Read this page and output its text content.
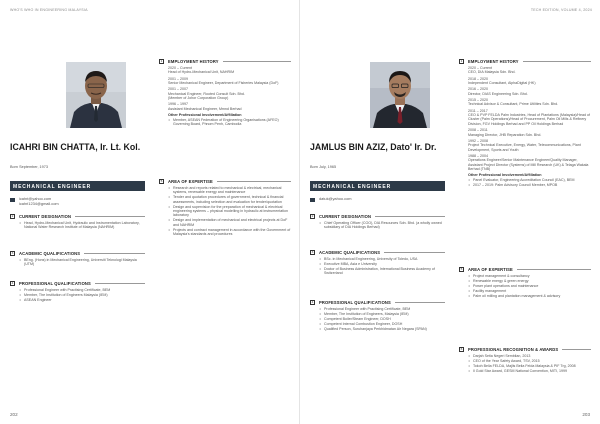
WHO'S WHO IN ENGINEERING MALAYSIA
ICAHRI BIN CHATTA, Ir. Lt. Kol.
Born September, 1973
MECHANICAL ENGINEER
icahri@yahoo.com
icahri1234@gmail.com
2	CURRENT DESIGNATION
• Head, Hydro-Mechanical Unit, Hydraulic and Instrumentation Laboratory, National Water Research Institute of Malaysia (NAHRIM)
3	ACADEMIC QUALIFICATIONS
• BEng. (Hons) in Mechanical Engineering, Universiti Teknologi Malaysia (UTM)
4	PROFESSIONAL QUALIFICATIONS
• Professional Engineer with Practising Certificate, BEM
• Member, The Institution of Engineers Malaysia (IEM)
• ASEAN Engineer
1	EMPLOYMENT HISTORY
2020 – Current
Head of Hydro-Mechanical Unit, NAHRIM
2001 – 2009
Senior Mechanical Engineer, Department of Fisheries Malaysia (DoF)
2001 – 2007
Mechanical Engineer, Rooted Consult Sdn. Bhd.
(Member of Johor Corporation Group)
1996 – 1997
Assistant Mechanical Engineer, Mmnd Berhad
Other Professional Involvement/Affiliation
• Member, ASEAN Federation of Engineering Organisations (AFEO) Governing Board, Phnom Penh, Cambodia
5	AREA OF EXPERTISE
• Research and reports related to mechanical & electrical, mechanical systems, renewable energy and maintenance
• Tender and quotation procedures of government, technical & financial assessments, including selection and evaluation for tender/quotation
• Design and supervision for the preparation of mechanical & electrical engineering systems – physical modelling in hydraulic at instrumentation laboratory
• Design and implementation of mechanical and electrical projects at DoF and NAHRIM
• Projects and contract management in accordance with the Government of Malaysia's standards and procedures
202
TECH EDITION, VOLUME 4, 2024
JAMLUS BIN AZIZ, Dato' Ir. Dr.
Born July, 1965
MECHANICAL ENGINEER
datuk@yahoo.com
2	CURRENT DESIGNATION
• Chief Operating Officer (COO), DIA Resources Sdn. Bhd. (a wholly owned subsidiary of DIA Holdings Berhad)
3	ACADEMIC QUALIFICATIONS
• BSc. in Mechanical Engineering, University of Toledo, USA
• Executive MBA, Asia e University
• Doctor of Business Administration, International Business Academy of Switzerland
4	PROFESSIONAL QUALIFICATIONS
• Professional Engineer with Practising Certificate, BEM
• Member, The Institution of Engineers, Malaysia (IEM)
• Competent Boiler/Steam Engineer, DOSH
• Competent Internal Combustion Engineer, DOSH
• Qualified Person, Suruhanjaya Perkhidmatan Air Negara (SPAN)
1	EMPLOYMENT HISTORY
2020 – Current
CEO, DIA Malaysia Sdn. Bhd.
2018 – 2020
Independent Consultant, AlphaDigital (HK)
2016 – 2020
Director, DIAS Engineering Sdn. Bhd.
2015 – 2020
Technical Advisor & Consultant, Prime Utilities Sdn. Bhd.
2011 – 2017
CEO & PVP FELDA Palm Industries, Head of Plantations (Malaysia)/Head of Cluster (Palm Operations)/Head of Procurement, Palm Oil Mills & Refinery Division, FGV Holdings Berhad and PP Oil Holdings Berhad
2008 – 2011
Managing Director, JHB Reparation Sdn. Bhd.
1992 – 2008
Project Technical Executive, Energy, Water, Telecommunications, Plant Development, Sports and Youth
1988 – 2004
Operations Engineer/Senior Maintenance Engineer/Quality Manager, Assistant Project Director (Systems) of Mill Research (UK) & Telaga Wakala Berhad (TNB)
Other Professional Involvement/Affiliation
• Panel Evaluator, Engineering Accreditation Council (EAC), BEM
• 2017 – 2019: Palm Advisory Council Member, MPOB
5	AREA OF EXPERTISE
• Project management & consultancy
• Renewable energy & green energy
• Power plant operations and maintenance
• Facility management
• Palm oil milling and plantation management & advisory
6	PROFESSIONAL RECOGNITION & AWARDS
• Darjah Setia Negeri Sembilan, 2013
• CEO of the Year Safety Award, TSV, 2015
• Tokoh Belia FELDA, Majlis Belia Felda Malaysia & PIF Trg, 2008
• Il Gold Star Award, GESM National Convention, MITI, 1999
203
